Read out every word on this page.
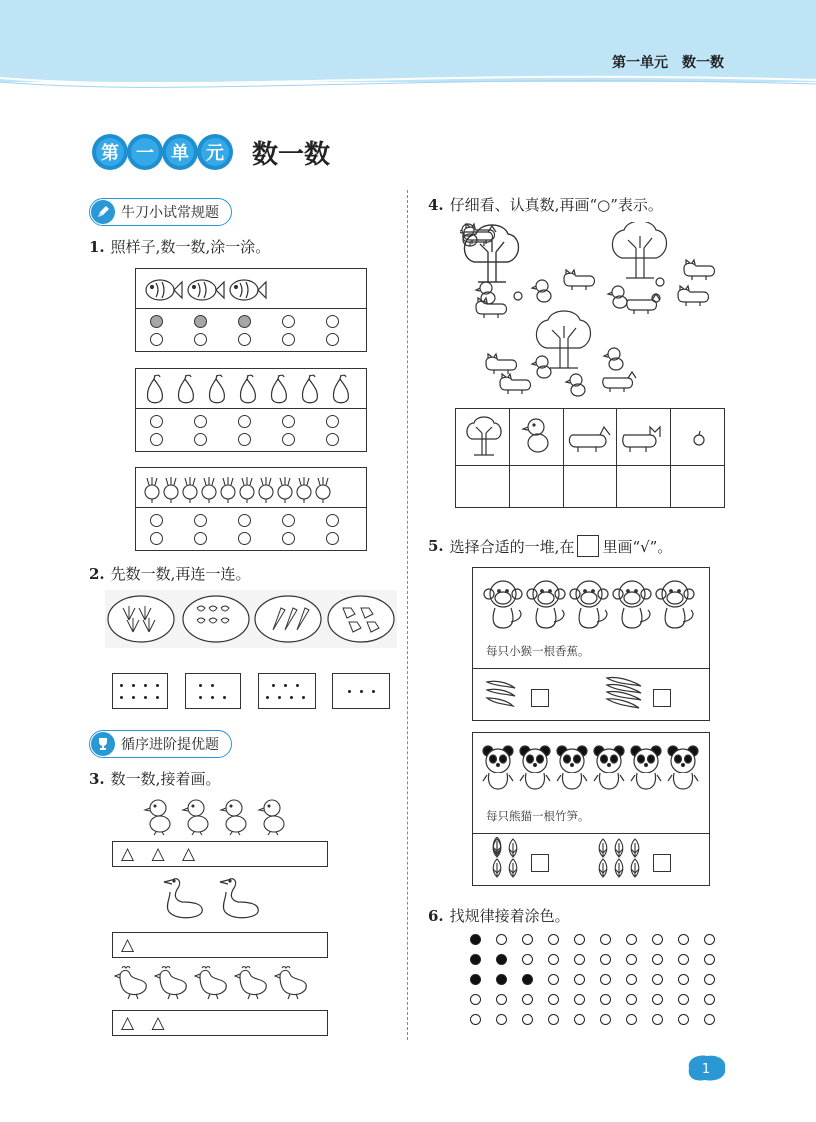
第一单元　数一数
第 一 单 元 数一数
牛刀小试常规题
1. 照样子,数一数,涂一涂。
2. 先数一数,再连一连。
循序进阶提优题
3. 数一数,接着画。
△ △ △
△
△ △
4. 仔细看、认真数,再画“○”表示。
5. 选择合适的一堆,在 里画“√”。
每只小猴一根香蕉。
每只熊猫一根竹笋。
6. 找规律接着涂色。
1
